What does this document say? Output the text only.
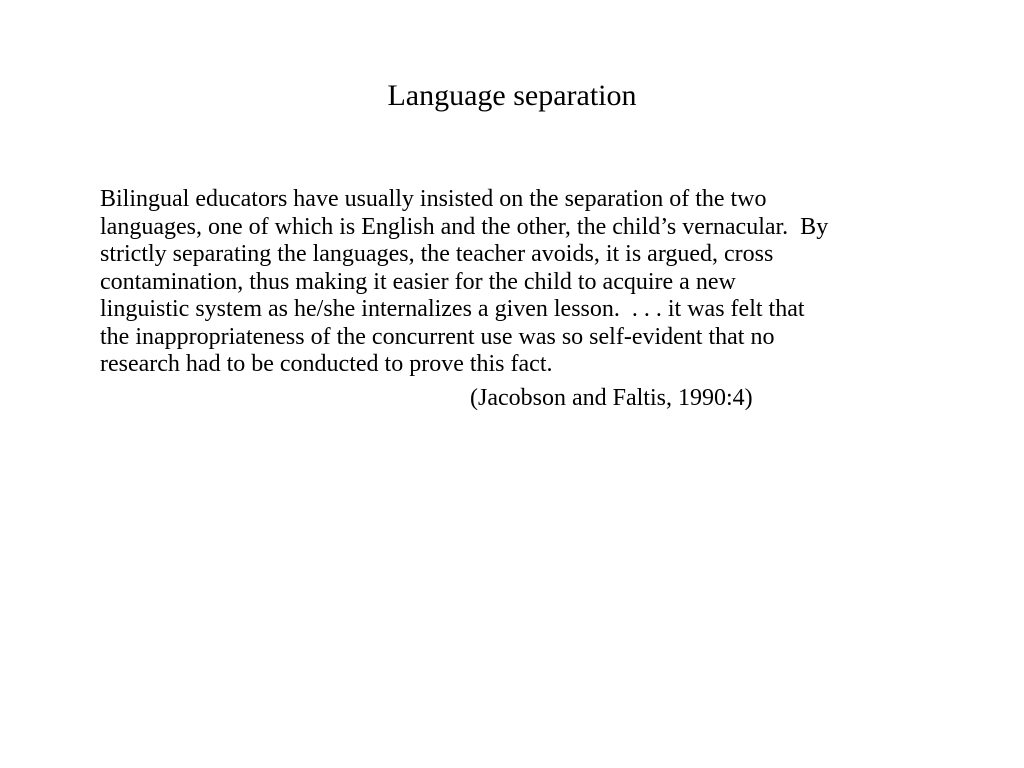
Language separation
Bilingual educators have usually insisted on the separation of the two
languages, one of which is English and the other, the child’s vernacular.  By
strictly separating the languages, the teacher avoids, it is argued, cross
contamination, thus making it easier for the child to acquire a new
linguistic system as he/she internalizes a given lesson.  . . . it was felt that
the inappropriateness of the concurrent use was so self-evident that no
research had to be conducted to prove this fact.

(Jacobson and Faltis, 1990:4)
